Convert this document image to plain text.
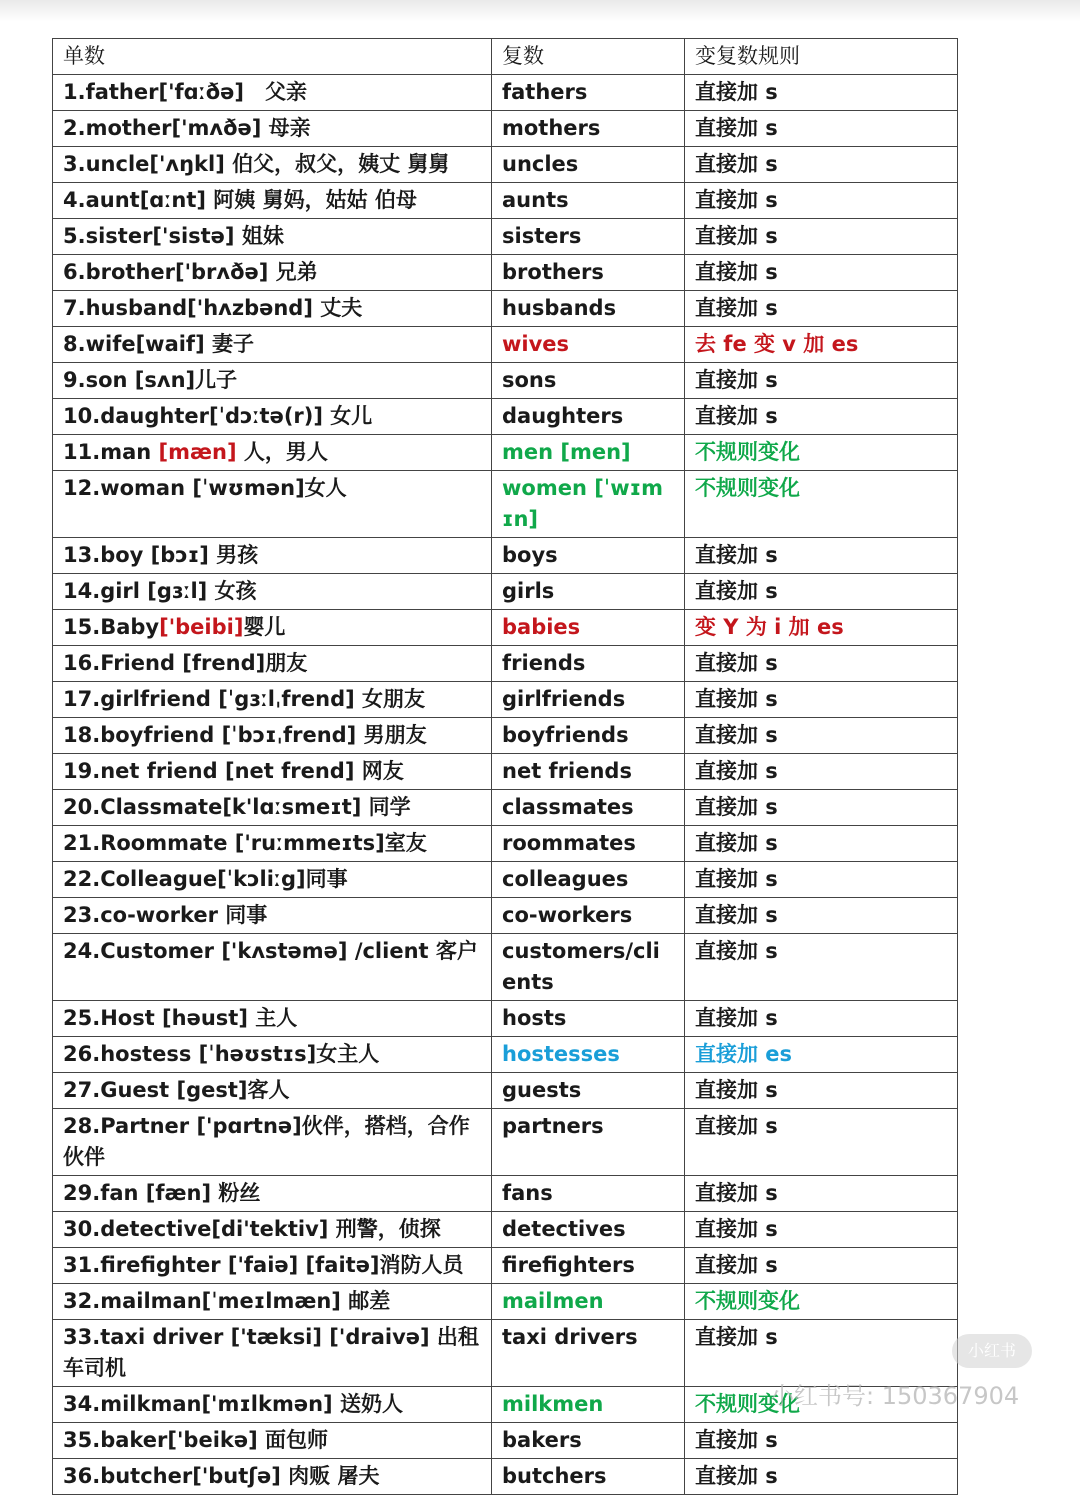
单数	复数	变复数规则
1.father['fɑːðə]　父亲	fathers	直接加 s
2.mother['mʌðə] 母亲	mothers	直接加 s
3.uncle['ʌŋkl] 伯父，叔父，姨丈 舅舅	uncles	直接加 s
4.aunt[ɑːnt] 阿姨 舅妈，姑姑 伯母	aunts	直接加 s
5.sister['sistə] 姐妹	sisters	直接加 s
6.brother['brʌðə] 兄弟	brothers	直接加 s
7.husband['hʌzbənd] 丈夫	husbands	直接加 s
8.wife[waif] 妻子	wives	去 fe 变 v 加 es
9.son [sʌn]儿子	sons	直接加 s
10.daughter[ˈdɔːtə(r)] 女儿	daughters	直接加 s
11.man [mæn] 人，男人	men [men]	不规则变化
12.woman [ˈwʊmən]女人	women [ˈwɪmɪn]	不规则变化
13.boy [bɔɪ] 男孩	boys	直接加 s
14.girl [gɜːl] 女孩	girls	直接加 s
15.Baby['beibi]婴儿	babies	变 Y 为 i 加 es
16.Friend [frend]朋友	friends	直接加 s
17.girlfriend [ˈgɜːlˌfrend] 女朋友	girlfriends	直接加 s
18.boyfriend [ˈbɔɪˌfrend] 男朋友	boyfriends	直接加 s
19.net friend [net frend] 网友	net friends	直接加 s
20.Classmate[k'lɑːsmeɪt] 同学	classmates	直接加 s
21.Roommate ['ruːmmeɪts]室友	roommates	直接加 s
22.Colleague[ˈkɔliːg]同事	colleagues	直接加 s
23.co-worker 同事	co-workers	直接加 s
24.Customer ['kʌstəmə] /client 客户	customers/clients	直接加 s
25.Host [həust] 主人	hosts	直接加 s
26.hostess [ˈhəʊstɪs]女主人	hostesses	直接加 es
27.Guest [gest]客人	guests	直接加 s
28.Partner ['pɑrtnə]伙伴，搭档，合作伙伴	partners	直接加 s
29.fan [fæn] 粉丝	fans	直接加 s
30.detective[di'tektiv] 刑警，侦探	detectives	直接加 s
31.firefighter ['faiə] [faitə]消防人员	firefighters	直接加 s
32.mailman[ˈmeɪlmæn] 邮差	mailmen	不规则变化
33.taxi driver ['tæksi] ['draivə] 出租车司机	taxi drivers	直接加 s
34.milkman['mɪlkmən] 送奶人	milkmen	不规则变化
35.baker['beikə] 面包师	bakers	直接加 s
36.butcher['butʃə] 肉贩 屠夫	butchers	直接加 s
小红书
小红书号: 150367904
